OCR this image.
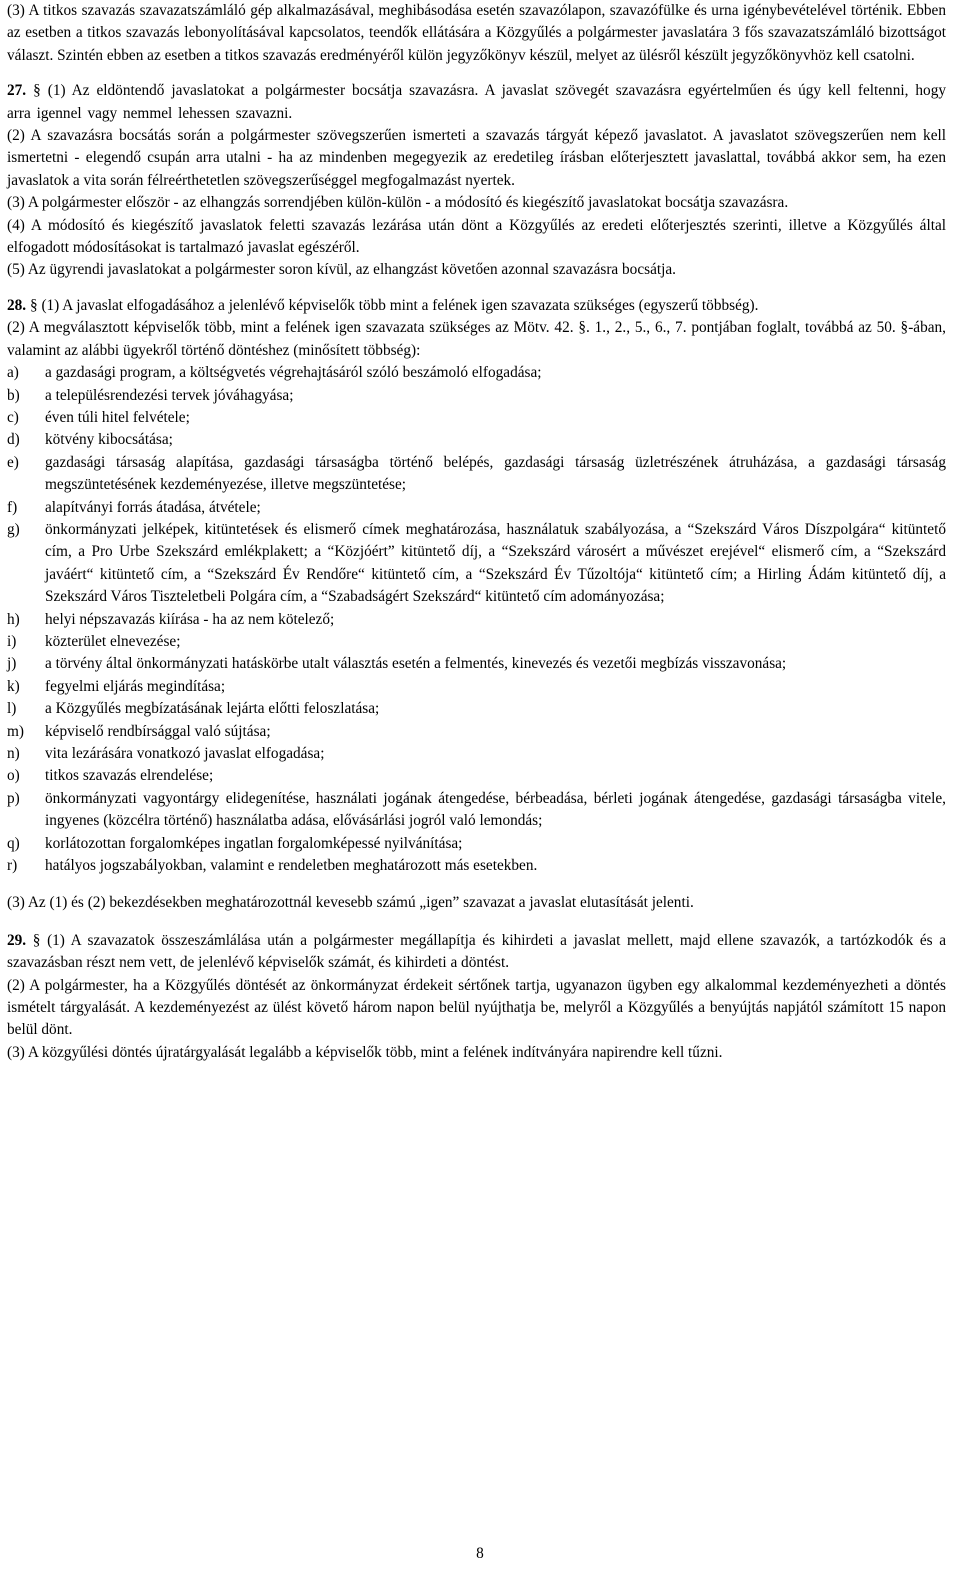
(3) A titkos szavazás szavazatszámláló gép alkalmazásával, meghibásodása esetén szavazólapon, szavazófülke és urna igénybevételével történik. Ebben az esetben a titkos szavazás lebonyolításával kapcsolatos, teendők ellátására a Közgyűlés a polgármester javaslatára 3 fős szavazatszámláló bizottságot választ. Szintén ebben az esetben a titkos szavazás eredményéről külön jegyzőkönyv készül, melyet az ülésről készült jegyzőkönyvhöz kell csatolni.

27. § (1) Az eldöntendő javaslatokat a polgármester bocsátja szavazásra. A javaslat szövegét szavazásra egyértelműen és úgy kell feltenni, hogy arra igennel vagy nemmel lehessen szavazni.

(2) A szavazásra bocsátás során a polgármester szövegszerűen ismerteti a szavazás tárgyát képező javaslatot. A javaslatot szövegszerűen nem kell ismertetni - elegendő csupán arra utalni - ha az mindenben megegyezik az eredetileg írásban előterjesztett javaslattal, továbbá akkor sem, ha ezen javaslatok a vita során félreérthetetlen szövegszerűséggel megfogalmazást nyertek.

(3) A polgármester először - az elhangzás sorrendjében külön-külön - a módosító és kiegészítő javaslatokat bocsátja szavazásra.

(4) A módosító és kiegészítő javaslatok feletti szavazás lezárása után dönt a Közgyűlés az eredeti előterjesztés szerinti, illetve a Közgyűlés által elfogadott módosításokat is tartalmazó javaslat egészéről.

(5) Az ügyrendi javaslatokat a polgármester soron kívül, az elhangzást követően azonnal szavazásra bocsátja.

28. § (1) A javaslat elfogadásához a jelenlévő képviselők több mint a felének igen szavazata szükséges (egyszerű többség).

(2) A megválasztott képviselők több, mint a felének igen szavazata szükséges az Mötv. 42. §. 1., 2., 5., 6., 7. pontjában foglalt, továbbá az 50. §-ában, valamint az alábbi ügyekről történő döntéshez (minősített többség):

a)	a gazdasági program, a költségvetés végrehajtásáról szóló beszámoló elfogadása;
b)	a településrendezési tervek jóváhagyása;
c)	éven túli hitel felvétele;
d)	kötvény kibocsátása;
e)	gazdasági társaság alapítása, gazdasági társaságba történő belépés, gazdasági társaság üzletrészének átruházása, a gazdasági társaság megszüntetésének kezdeményezése, illetve megszüntetése;
f)	alapítványi forrás átadása, átvétele;
g)	önkormányzati jelképek, kitüntetések és elismerő címek meghatározása, használatuk szabályozása, a “Szekszárd Város Díszpolgára“ kitüntető cím, a Pro Urbe Szekszárd emlékplakett; a “Közjóért” kitüntető díj, a “Szekszárd városért a művészet erejével“ elismerő cím, a “Szekszárd javáért“ kitüntető cím, a “Szekszárd Év Rendőre“ kitüntető cím, a “Szekszárd Év Tűzoltója“ kitüntető cím; a Hirling Ádám kitüntető díj, a Szekszárd Város Tiszteletbeli Polgára cím, a “Szabadságért Szekszárd“ kitüntető cím adományozása;
h)	helyi népszavazás kiírása - ha az nem kötelező;
i)	közterület elnevezése;
j)	a törvény által önkormányzati hatáskörbe utalt választás esetén a felmentés, kinevezés és vezetői megbízás visszavonása;
k)	fegyelmi eljárás megindítása;
l)	a Közgyűlés megbízatásának lejárta előtti feloszlatása;
m)	képviselő rendbírsággal való sújtása;
n)	vita lezárására vonatkozó javaslat elfogadása;
o)	titkos szavazás elrendelése;
p)	önkormányzati vagyontárgy elidegenítése, használati jogának átengedése, bérbeadása, bérleti jogának átengedése, gazdasági társaságba vitele, ingyenes (közcélra történő) használatba adása, elővásárlási jogról való lemondás;
q)	korlátozottan forgalomképes ingatlan forgalomképessé nyilvánítása;
r)	hatályos jogszabályokban, valamint e rendeletben meghatározott más esetekben.

(3) Az (1) és (2) bekezdésekben meghatározottnál kevesebb számú „igen” szavazat a javaslat elutasítását jelenti.

29. § (1) A szavazatok összeszámlálása után a polgármester megállapítja és kihirdeti a javaslat mellett, majd ellene szavazók, a tartózkodók és a szavazásban részt nem vett, de jelenlévő képviselők számát, és kihirdeti a döntést.

(2) A polgármester, ha a Közgyűlés döntését az önkormányzat érdekeit sértőnek tartja, ugyanazon ügyben egy alkalommal kezdeményezheti a döntés ismételt tárgyalását. A kezdeményezést az ülést követő három napon belül nyújthatja be, melyről a Közgyűlés a benyújtás napjától számított 15 napon belül dönt.

(3) A közgyűlési döntés újratárgyalását legalább a képviselők több, mint a felének indítványára napirendre kell tűzni.

8
